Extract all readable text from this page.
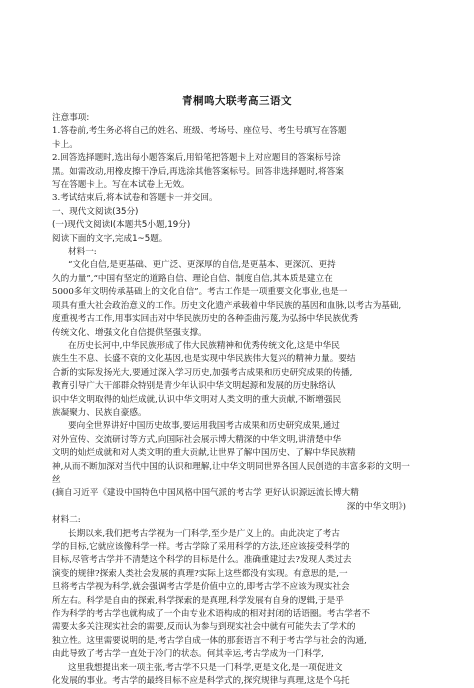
青桐鸣大联考高三语文
注意事项:
1.答卷前,考生务必将自己的姓名、班级、考场号、座位号、考生号填写在答题
卡上。
2.回答选择题时,选出每小题答案后,用铅笔把答题卡上对应题目的答案标号涂
黑。如需改动,用橡皮擦干净后,再选涂其他答案标号。回答非选择题时,将答案
写在答题卡上。写在本试卷上无效。
3.考试结束后,将本试卷和答题卡一并交回。
一、现代文阅读(35分)
(一)现代文阅读Ⅰ(本题共5小题,19分)
阅读下面的文字,完成1~5题。
材料一:
“文化自信,是更基础、更广泛、更深厚的自信,是更基本、更深沉、更持
久的力量”,“中国有坚定的道路自信、理论自信、制度自信,其本质是建立在
5000多年文明传承基础上的文化自信”。考古工作是一项重要文化事业,也是一
项具有重大社会政治意义的工作。历史文化遗产承载着中华民族的基因和血脉,以考古为基础,
度重视考古工作,用事实回击对中华民族历史的各种歪曲污蔑,为弘扬中华民族优秀
传统文化、增强文化自信提供坚强支撑。
在历史长河中,中华民族形成了伟大民族精神和优秀传统文化,这是中华民
族生生不息、长盛不衰的文化基因,也是实现中华民族伟大复兴的精神力量。要结
合新的实际发扬光大,要通过深入学习历史,加强考古成果和历史研究成果的传播,
教育引导广大干部群众特别是青少年认识中华文明起源和发展的历史脉络认
识中华文明取得的灿烂成就,认识中华文明对人类文明的重大贡献,不断增强民
族凝聚力、民族自豪感。
要向全世界讲好中国历史故事,要运用我国考古成果和历史研究成果,通过
对外宣传、交流研讨等方式,向国际社会展示博大精深的中华文明,讲清楚中华
文明的灿烂成就和对人类文明的重大贡献,让世界了解中国历史、了解中华民族精
神,从而不断加深对当代中国的认识和理解,让中华文明同世界各国人民创造的丰富多彩的文明一
丝
(摘自习近平《建设中国特色中国风格中国气派的考古学 更好认识源远流长博大精
深的中华文明》)
材料二:
长期以来,我们把考古学视为一门科学,至少是广义上的。由此决定了考古
学的目标,它就应该像科学一样。考古学除了采用科学的方法,还应该接受科学的
目标,尽管考古学并不清楚这个科学的目标是什么。准确重建过去?发现人类过去
演变的规律?探索人类社会发展的真理?实际上这些都没有实现。有意思的是,一
旦将考古学视为科学,就会强调考古学是价值中立的,即考古学不应该为现实社会
所左右。科学是自由的探索,科学探索的是真理,科学发展有自身的逻辑,于是乎
作为科学的考古学也就构成了一个由专业术语构成的相对封闭的话语圈。考古学者不
需要太多关注现实社会的需要,反而认为参与到现实社会中就有可能失去了学术的
独立性。这里需要说明的是,考古学自成一体的那套语言不利于考古学与社会的沟通,
由此导致了考古学一直处于冷门的状态。何其幸运,考古学成为一门科学,
这里我想提出来一项主张,考古学不只是一门科学,更是文化,是一项促进文
化发展的事业。考古学的最终目标不应是科学式的,探究规律与真理,这是个乌托
